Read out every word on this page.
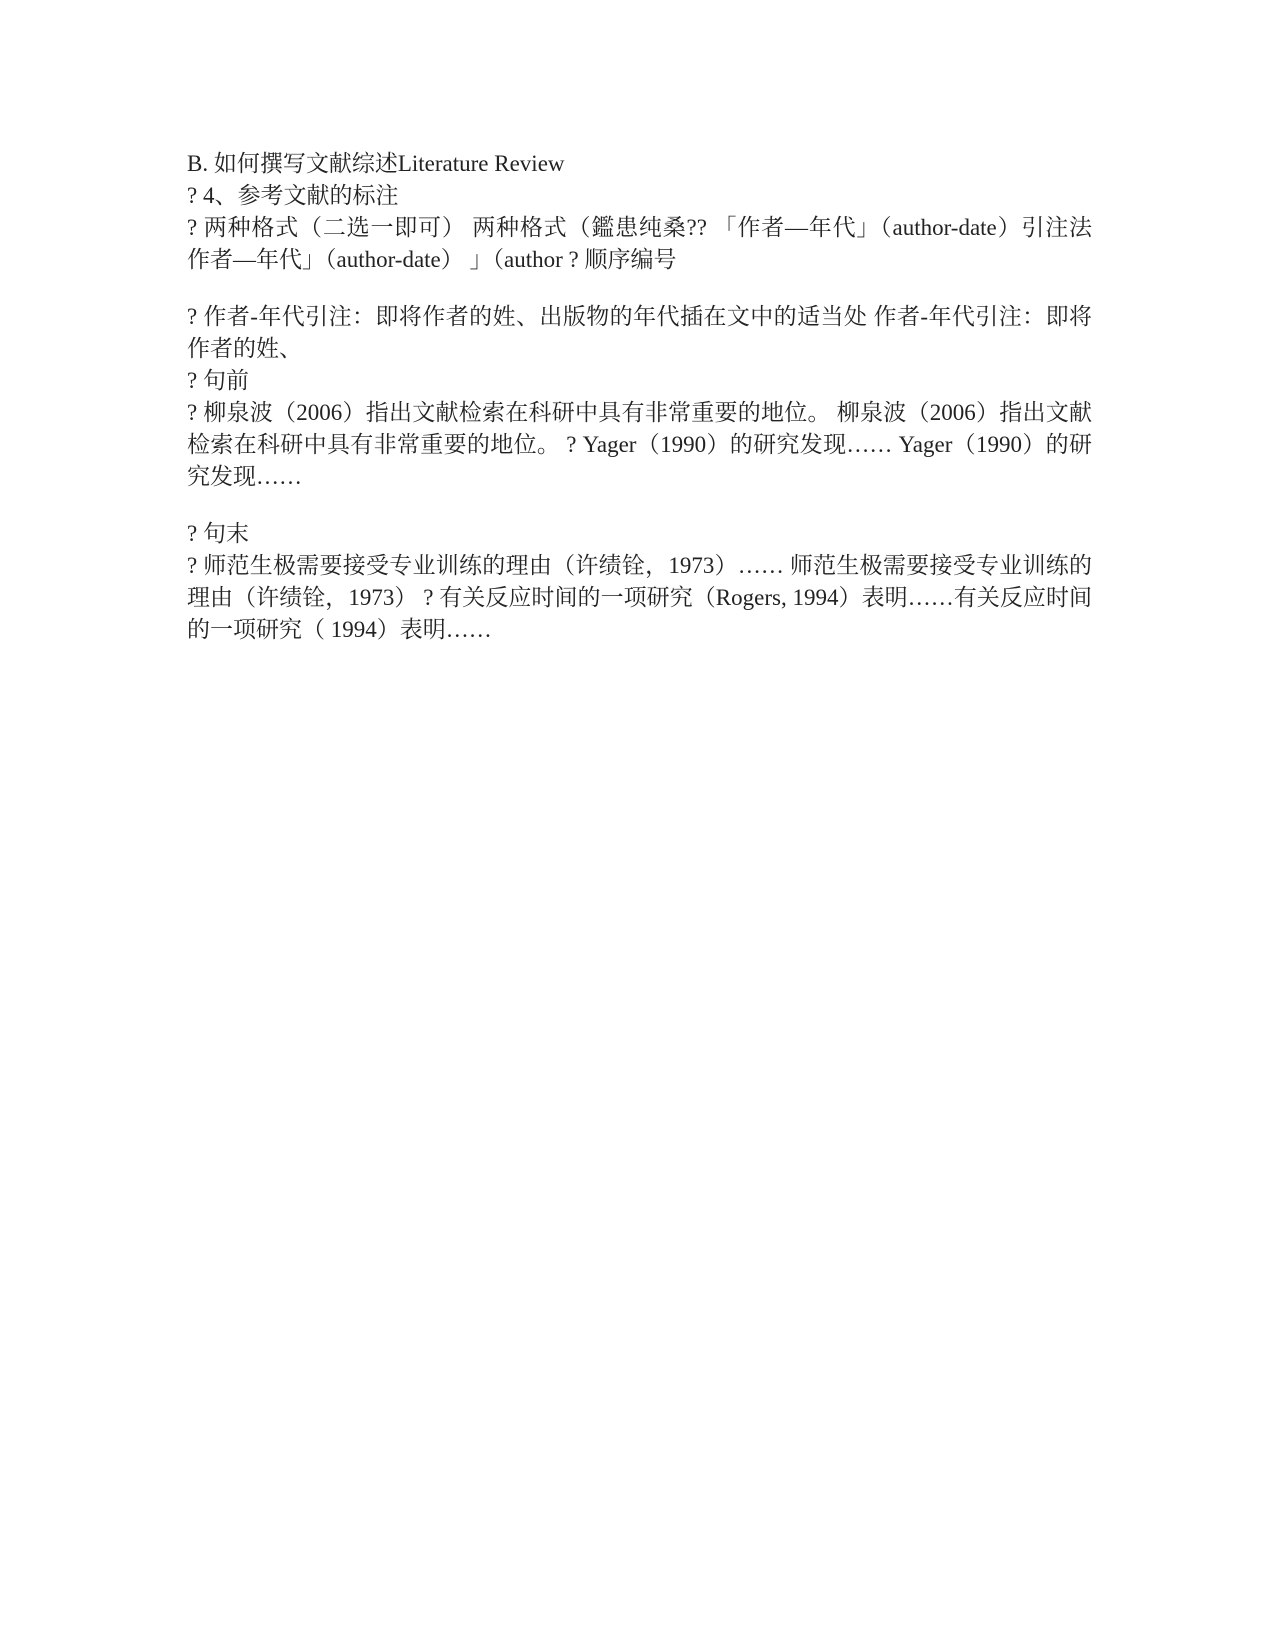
B. 如何撰写文献综述Literature Review

? 4、参考文献的标注

? 两种格式（二选一即可） 两种格式（鑑患纯桑?? 「作者—年代」（author-date）引注法 作者—年代」（author-date） 」（author ? 顺序编号

? 作者-年代引注：即将作者的姓、出版物的年代插在文中的适当处 作者-年代引注：即将作者的姓、

? 句前

? 柳泉波（2006）指出文献检索在科研中具有非常重要的地位。 柳泉波（2006）指出文献检索在科研中具有非常重要的地位。 ? Yager（1990）的研究发现…… Yager（1990）的研究发现……

? 句末

? 师范生极需要接受专业训练的理由（许绩铨，1973）…… 师范生极需要接受专业训练的理由（许绩铨，1973） ? 有关反应时间的一项研究（Rogers, 1994）表明……有关反应时间的一项研究（ 1994）表明……
